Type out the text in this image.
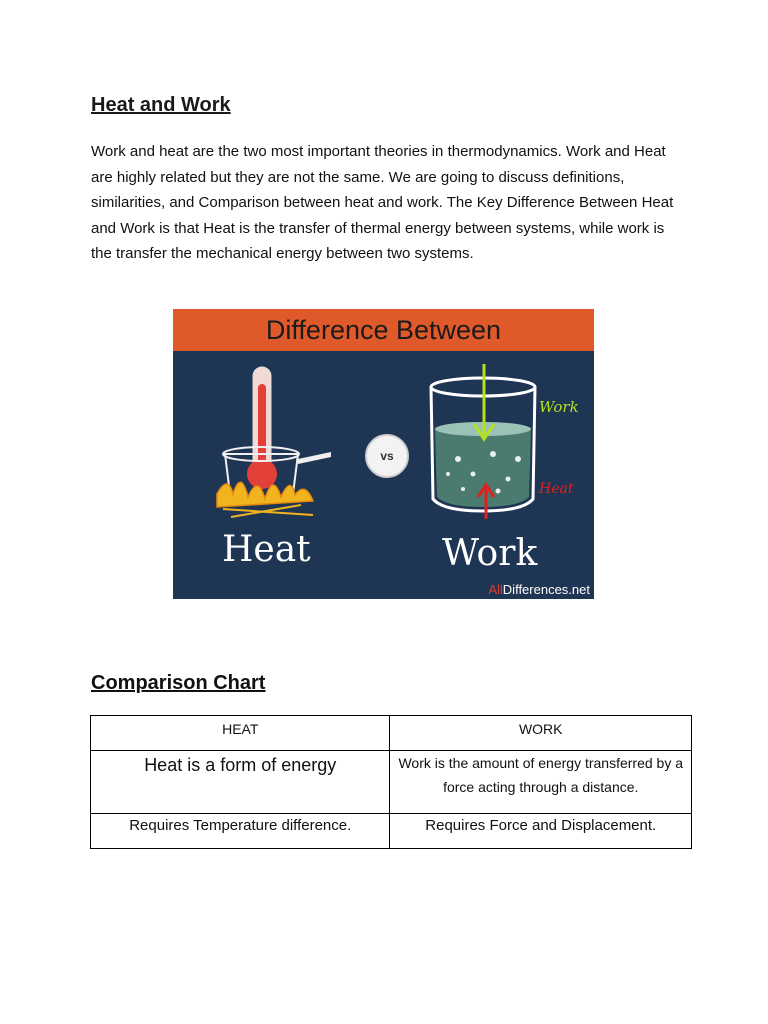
Heat and Work

Work and heat are the two most important theories in thermodynamics. Work and Heat are highly related but they are not the same. We are going to discuss definitions, similarities, and Comparison between heat and work. The Key Difference Between Heat and Work is that Heat is the transfer of thermal energy between systems, while work is the transfer the mechanical energy between two systems.

Difference Between
Work
Heat
vs
Heat	Work
AllDifferences.net
Comparison Chart
HEAT	WORK
Heat is a form of energy	Work is the amount of energy transferred by a force acting through a distance.
Requires Temperature difference.	Requires Force and Displacement.
